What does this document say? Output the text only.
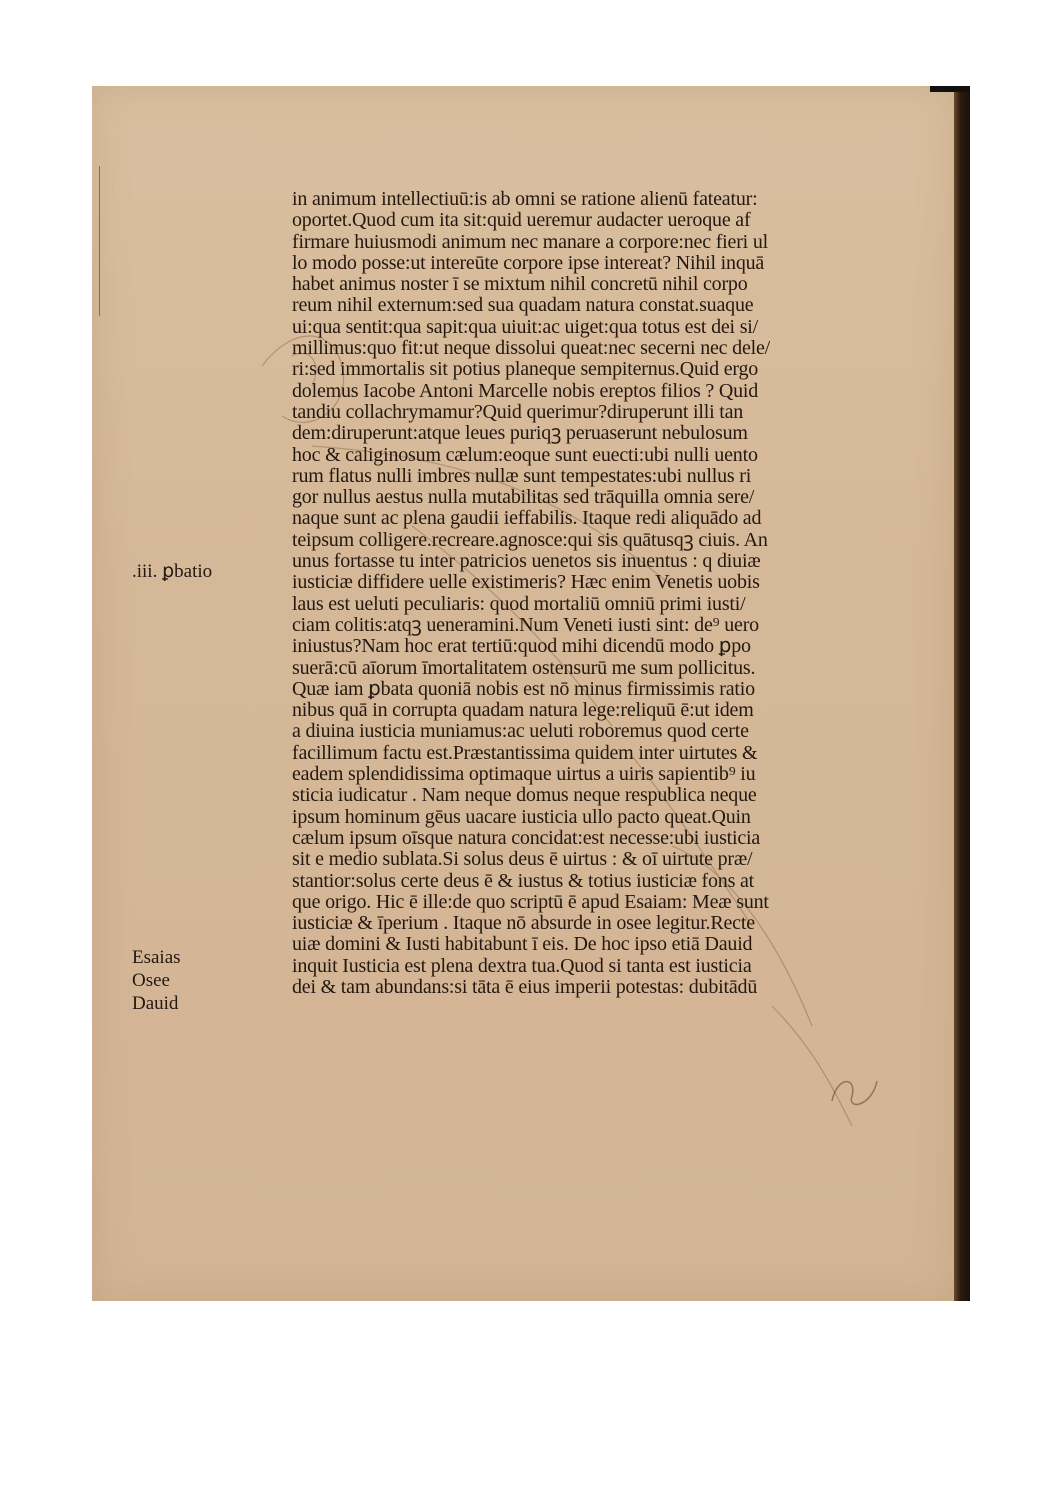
in animum intellectiuū:is ab omni se ratione alienū fateatur:
oportet.Quod cum ita sit:quid ueremur audacter ueroque af
firmare huiusmodi animum nec manare a corpore:nec fieri ul
lo modo posse:ut intereūte corpore ipse intereat? Nihil inquā
habet animus noster ī se mixtum nihil concretū nihil corpo
reum nihil externum:sed sua quadam natura constat.suaque
ui:qua sentit:qua sapit:qua uiuit:ac uiget:qua totus est dei si/
millimus:quo fit:ut neque dissolui queat:nec secerni nec dele/
ri:sed immortalis sit potius planeque sempiternus.Quid ergo
dolemus Iacobe Antoni Marcelle nobis ereptos filios ? Quid
tandiu collachrymamur?Quid querimur?diruperunt illi tan
dem:diruperunt:atque leues puriqꝫ peruaserunt nebulosum
hoc & caliginosum cælum:eoque sunt euecti:ubi nulli uento
rum flatus nulli imbres nullæ sunt tempestates:ubi nullus ri
gor nullus aestus nulla mutabilitas sed trāquilla omnia sere/
naque sunt ac plena gaudii ieffabilis. Itaque redi aliquādo ad
teipsum colligere.recreare.agnosce:qui sis quātusqꝫ ciuis. An
unus fortasse tu inter patricios uenetos sis inuentus : q diuiæ
iusticiæ diffidere uelle existimeris? Hæc enim Venetis uobis
laus est ueluti peculiaris: quod mortaliū omniū primi iusti/
ciam colitis:atqꝫ ueneramini.Num Veneti iusti sint: de⁹ uero
iniustus?Nam hoc erat tertiū:quod mihi dicendū modo ꝑpo
suerā:cū aīorum īmortalitatem ostensurū me sum pollicitus.
Quæ iam ꝑbata quoniā nobis est nō minus firmissimis ratio
nibus quā in corrupta quadam natura lege:reliquū ē:ut idem
a diuina iusticia muniamus:ac ueluti roboremus quod certe
facillimum factu est.Præstantissima quidem inter uirtutes &
eadem splendidissima optimaque uirtus a uiris sapientib⁹ iu
sticia iudicatur . Nam neque domus neque respublica neque
ipsum hominum gēus uacare iusticia ullo pacto queat.Quin
cælum ipsum oīsque natura concidat:est necesse:ubi iusticia
sit e medio sublata.Si solus deus ē uirtus : & oī uirtute præ/
stantior:solus certe deus ē & iustus & totius iusticiæ fons at
que origo. Hic ē ille:de quo scriptū ē apud Esaiam: Meæ sunt
iusticiæ & īperium . Itaque nō absurde in osee legitur.Recte
uiæ domini & Iusti habitabunt ī eis. De hoc ipso etiā Dauid
inquit Iusticia est plena dextra tua.Quod si tanta est iusticia
dei & tam abundans:si tāta ē eius imperii potestas: dubitādū
.iii. ꝑbatio
Esaias
Osee
Dauid
